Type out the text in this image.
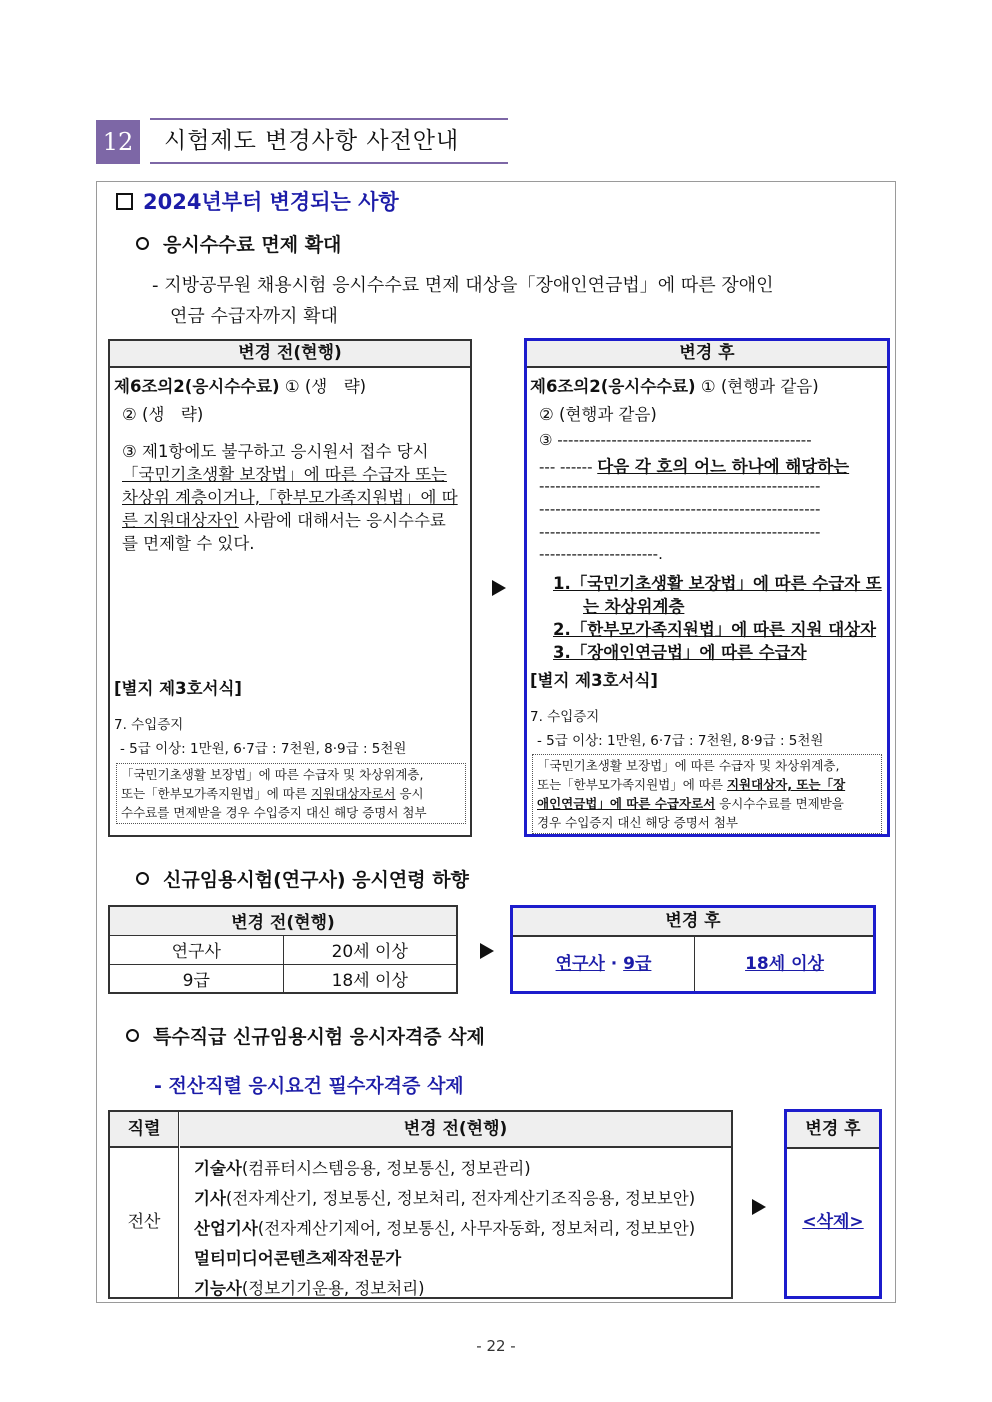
12	시험제도 변경사항 사전안내
2024년부터 변경되는 사항
응시수수료 면제 확대
- 지방공무원 채용시험 응시수수료 면제 대상을「장애인연금법」에 따른 장애인
연금 수급자까지 확대
변경 전(현행)
제6조의2(응시수수료) ① (생　략)
② (생　략)
③ 제1항에도 불구하고 응시원서 접수 당시
「국민기초생활 보장법」에 따른 수급자 또는
차상위 계층이거나,「한부모가족지원법」에 따
른 지원대상자인 사람에 대해서는 응시수수료
를 면제할 수 있다.
[별지 제3호서식]
7. 수입증지
- 5급 이상: 1만원, 6·7급 : 7천원, 8·9급 : 5천원
「국민기초생활 보장법」에 따른 수급자 및 차상위계층,
또는「한부모가족지원법」에 따른 지원대상자로서 응시
수수료를 면제받을 경우 수입증지 대신 해당 증명서 첨부
변경 후
제6조의2(응시수수료) ① (현행과 같음)
② (현행과 같음)
③ -----------------------------------------------
--- ------ 다음 각 호의 어느 하나에 해당하는
----------------------------------------------------
----------------------------------------------------
----------------------------------------------------
----------------------.
1.「국민기초생활 보장법」에 따른 수급자 또
는 차상위계층
2.「한부모가족지원법」에 따른 지원 대상자
3.「장애인연금법」에 따른 수급자
[별지 제3호서식]
7. 수입증지
- 5급 이상: 1만원, 6·7급 : 7천원, 8·9급 : 5천원
「국민기초생활 보장법」에 따른 수급자 및 차상위계층,
또는「한부모가족지원법」에 따른 지원대상자, 또는「장
애인연금법」에 따른 수급자로서 응시수수료를 면제받을
경우 수입증지 대신 해당 증명서 첨부
신규임용시험(연구사) 응시연령 하향
변경 전(현행)	
연구사	20세 이상
9급	18세 이상
변경 후
연구사 · 9급	18세 이상
특수직급 신규임용시험 응시자격증 삭제
- 전산직렬 응시요건 필수자격증 삭제
직렬	변경 전(현행)
전산
기술사(컴퓨터시스템응용, 정보통신, 정보관리)
기사(전자계산기, 정보통신, 정보처리, 전자계산기조직응용, 정보보안)
산업기사(전자계산기제어, 정보통신, 사무자동화, 정보처리, 정보보안)
멀티미디어콘텐츠제작전문가
기능사(정보기기운용, 정보처리)
변경 후
<삭제>
- 22 -
